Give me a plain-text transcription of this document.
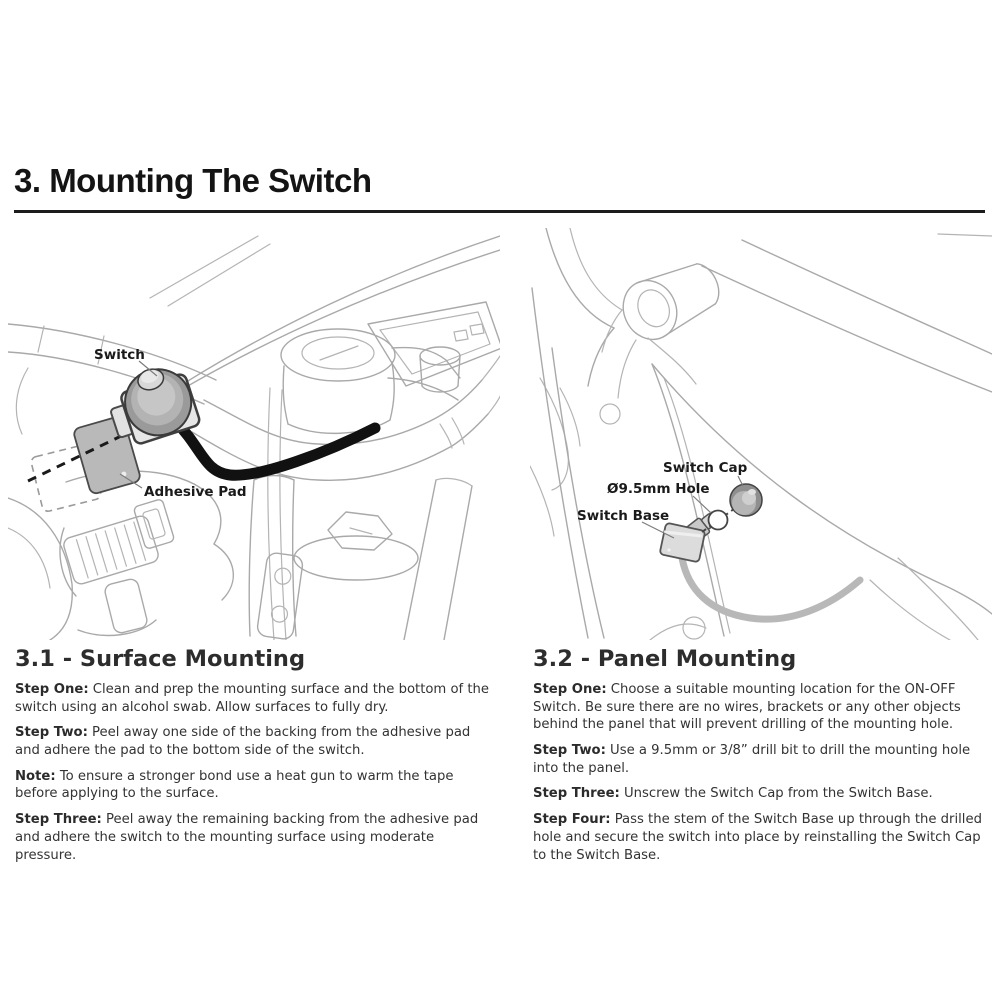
3. Mounting The Switch
Switch
Adhesive Pad
Switch Cap
Ø9.5mm Hole
Switch Base
3.1 - Surface Mounting

Step One: Clean and prep the mounting surface and the bottom of the switch using an alcohol swab. Allow surfaces to fully dry.

Step Two: Peel away one side of the backing from the adhesive pad and adhere the pad to the bottom side of the switch.

Note: To ensure a stronger bond use a heat gun to warm the tape before applying to the surface.

Step Three: Peel away the remaining backing from the adhesive pad and adhere the switch to the mounting surface using moderate pressure.

3.2 - Panel Mounting

Step One: Choose a suitable mounting location for the ON-OFF Switch. Be sure there are no wires, brackets or any other objects behind the panel that will prevent drilling of the mounting hole.

Step Two: Use a 9.5mm or 3/8” drill bit to drill the mounting hole into the panel.

Step Three: Unscrew the Switch Cap from the Switch Base.

Step Four: Pass the stem of the Switch Base up through the drilled hole and secure the switch into place by reinstalling the Switch Cap to the Switch Base.
